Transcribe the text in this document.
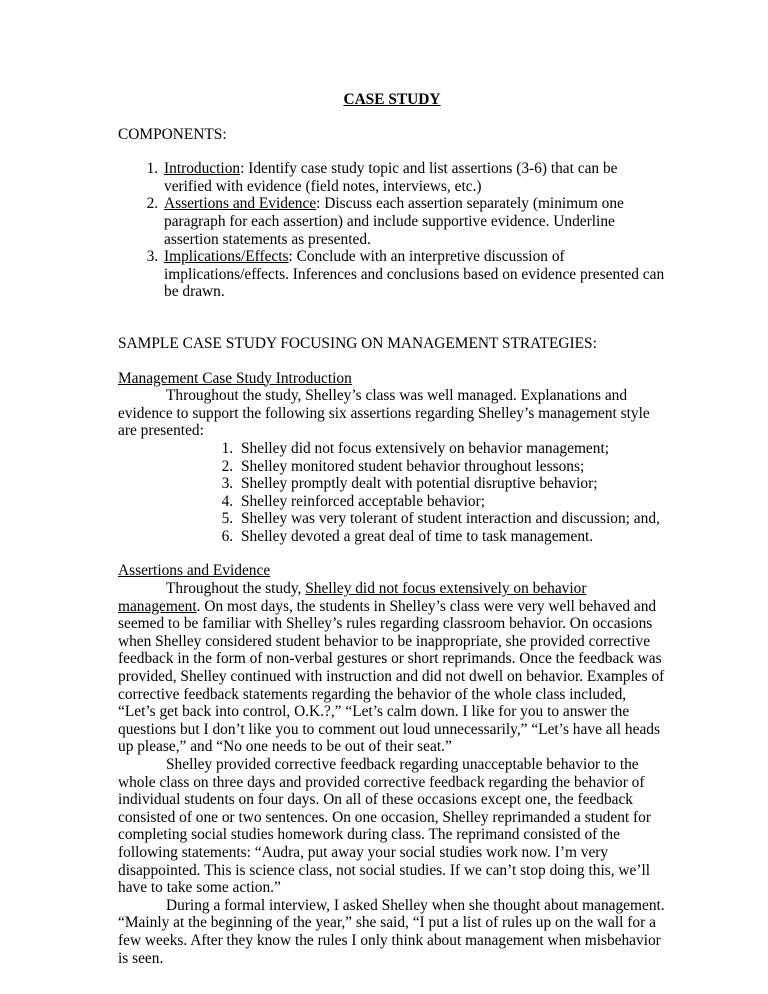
CASE STUDY
COMPONENTS:
1. Introduction: Identify case study topic and list assertions (3-6) that can be verified with evidence (field notes, interviews, etc.)
2. Assertions and Evidence: Discuss each assertion separately (minimum one paragraph for each assertion) and include supportive evidence. Underline assertion statements as presented.
3. Implications/Effects: Conclude with an interpretive discussion of implications/effects. Inferences and conclusions based on evidence presented can be drawn.
SAMPLE CASE STUDY FOCUSING ON MANAGEMENT STRATEGIES:
Management Case Study Introduction

Throughout the study, Shelley’s class was well managed. Explanations and evidence to support the following six assertions regarding Shelley’s management style are presented:

1. Shelley did not focus extensively on behavior management;
2. Shelley monitored student behavior throughout lessons;
3. Shelley promptly dealt with potential disruptive behavior;
4. Shelley reinforced acceptable behavior;
5. Shelley was very tolerant of student interaction and discussion; and,
6. Shelley devoted a great deal of time to task management.
Assertions and Evidence

Throughout the study, Shelley did not focus extensively on behavior management. On most days, the students in Shelley’s class were very well behaved and seemed to be familiar with Shelley’s rules regarding classroom behavior. On occasions when Shelley considered student behavior to be inappropriate, she provided corrective feedback in the form of non-verbal gestures or short reprimands. Once the feedback was provided, Shelley continued with instruction and did not dwell on behavior. Examples of corrective feedback statements regarding the behavior of the whole class included, “Let’s get back into control, O.K.?,” “Let’s calm down. I like for you to answer the questions but I don’t like you to comment out loud unnecessarily,” “Let’s have all heads up please,” and “No one needs to be out of their seat.”

Shelley provided corrective feedback regarding unacceptable behavior to the whole class on three days and provided corrective feedback regarding the behavior of individual students on four days. On all of these occasions except one, the feedback consisted of one or two sentences. On one occasion, Shelley reprimanded a student for completing social studies homework during class. The reprimand consisted of the following statements: “Audra, put away your social studies work now. I’m very disappointed. This is science class, not social studies. If we can’t stop doing this, we’ll have to take some action.”

During a formal interview, I asked Shelley when she thought about management. “Mainly at the beginning of the year,” she said, “I put a list of rules up on the wall for a few weeks. After they know the rules I only think about management when misbehavior is seen.
